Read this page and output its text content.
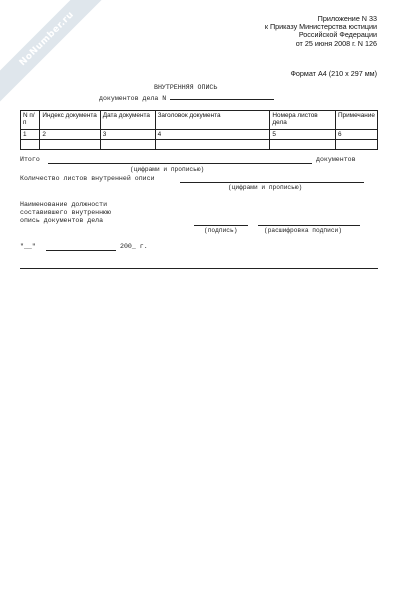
NoNumber.ru	Приложение N 33
к Приказу Министерства юстиции
Российской Федерации
от 25 июня 2008 г. N 126
Формат А4 (210 х 297 мм)
ВНУТРЕННЯЯ ОПИСЬ
документов дела N
N п/п	Индекс документа	Дата документа	Заголовок документа	Номера листов дела	Примечание
1	2	3	4	5	6

Итого	документов
(цифрами и прописью)
Количество листов внутренней описи
(цифрами и прописью)
Наименование должности
составившего внутреннюю
опись документов дела
(подпись)	(расшифровка подписи)
"__"	200_ г.
